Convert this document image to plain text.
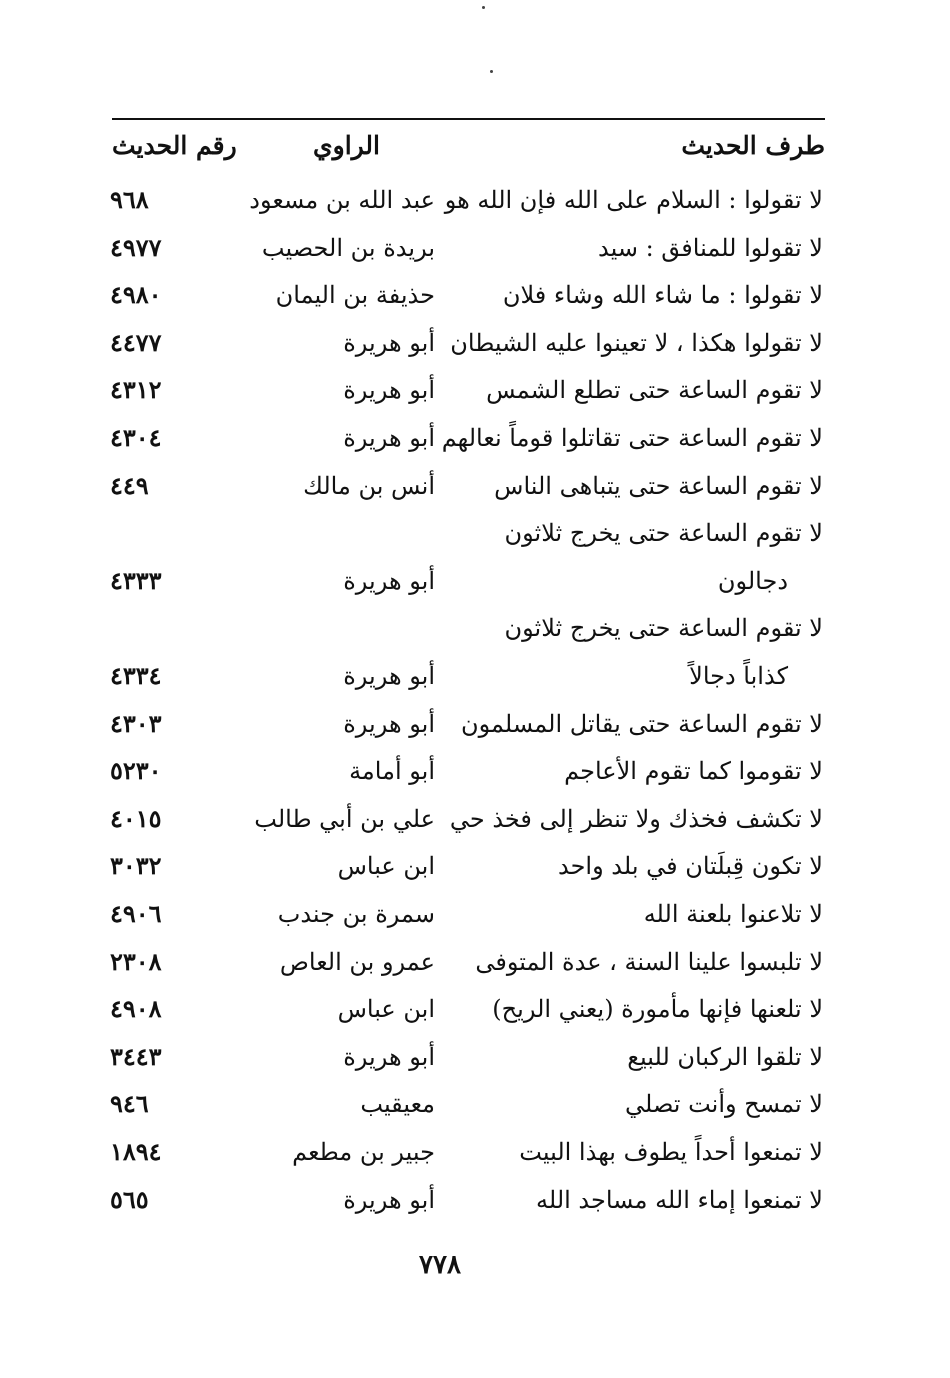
طرف الحديث
الراوي
رقم الحديث
لا تقولوا : السلام على الله فإن الله هو
عبد الله بن مسعود
٩٦٨
لا تقولوا للمنافق : سيد
بريدة بن الحصيب
٤٩٧٧
لا تقولوا : ما شاء الله وشاء فلان
حذيفة بن اليمان
٤٩٨٠
لا تقولوا هكذا ، لا تعينوا عليه الشيطان
أبو هريرة
٤٤٧٧
لا تقوم الساعة حتى تطلع الشمس
أبو هريرة
٤٣١٢
لا تقوم الساعة حتى تقاتلوا قوماً نعالهم
أبو هريرة
٤٣٠٤
لا تقوم الساعة حتى يتباهى الناس
أنس بن مالك
٤٤٩
لا تقوم الساعة حتى يخرج ثلاثون
دجالون
أبو هريرة
٤٣٣٣
لا تقوم الساعة حتى يخرج ثلاثون
كذاباً دجالاً
أبو هريرة
٤٣٣٤
لا تقوم الساعة حتى يقاتل المسلمون
أبو هريرة
٤٣٠٣
لا تقوموا كما تقوم الأعاجم
أبو أمامة
٥٢٣٠
لا تكشف فخذك ولا تنظر إلى فخذ حي
علي بن أبي طالب
٤٠١٥
لا تكون قِبلَتان في بلد واحد
ابن عباس
٣٠٣٢
لا تلاعنوا بلعنة الله
سمرة بن جندب
٤٩٠٦
لا تلبسوا علينا السنة ، عدة المتوفى
عمرو بن العاص
٢٣٠٨
لا تلعنها فإنها مأمورة (يعني الريح)
ابن عباس
٤٩٠٨
لا تلقوا الركبان للبيع
أبو هريرة
٣٤٤٣
لا تمسح وأنت تصلي
معيقيب
٩٤٦
لا تمنعوا أحداً يطوف بهذا البيت
جبير بن مطعم
١٨٩٤
لا تمنعوا إماء الله مساجد الله
أبو هريرة
٥٦٥
٧٧٨
